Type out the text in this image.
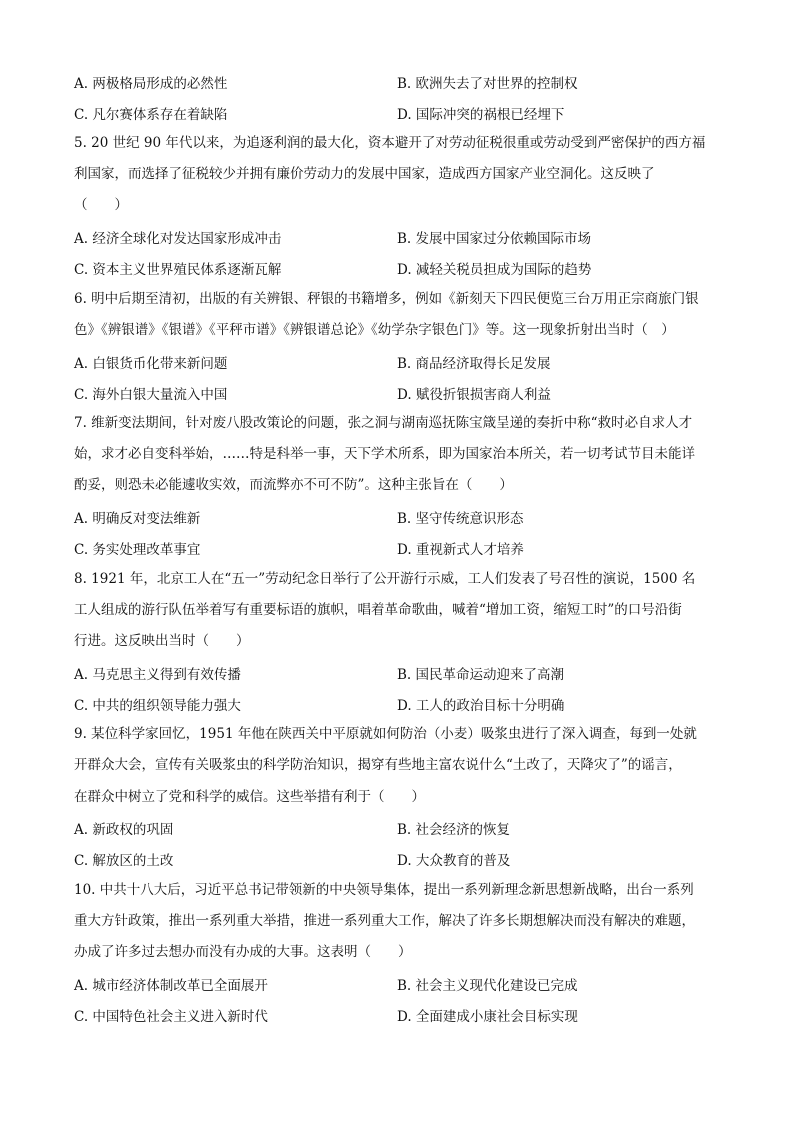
A. 两极格局形成的必然性	B. 欧洲失去了对世界的控制权
C. 凡尔赛体系存在着缺陷	D. 国际冲突的祸根已经埋下
5. 20 世纪 90 年代以来，为追逐利润的最大化，资本避开了对劳动征税很重或劳动受到严密保护的西方福
利国家，而选择了征税较少并拥有廉价劳动力的发展中国家，造成西方国家产业空洞化。这反映了
（　　）
A. 经济全球化对发达国家形成冲击	B. 发展中国家过分依赖国际市场
C. 资本主义世界殖民体系逐渐瓦解	D. 减轻关税员担成为国际的趋势
6. 明中后期至清初，出版的有关辨银、秤银的书籍增多，例如《新刻天下四民便览三台万用正宗商旅门银
色》《辨银谱》《银谱》《平秤市谱》《辨银谱总论》《幼学杂字银色门》等。这一现象折射出当时（　）
A. 白银货币化带来新问题	B. 商品经济取得长足发展
C. 海外白银大量流入中国	D. 赋役折银损害商人利益
7. 维新变法期间，针对废八股改策论的问题，张之洞与湖南巡抚陈宝箴呈递的奏折中称“救时必自求人才
始，求才必自变科举始，……特是科举一事，天下学术所系，即为国家治本所关，若一切考试节目未能详
酌妥，则恐未必能遽收实效，而流弊亦不可不防”。这种主张旨在（　　）
A. 明确反对变法维新	B. 坚守传统意识形态
C. 务实处理改革事宜	D. 重视新式人才培养
8. 1921 年，北京工人在“五一”劳动纪念日举行了公开游行示威，工人们发表了号召性的演说，1500 名
工人组成的游行队伍举着写有重要标语的旗帜，唱着革命歌曲，喊着“增加工资，缩短工时”的口号沿街
行进。这反映出当时（　　）
A. 马克思主义得到有效传播	B. 国民革命运动迎来了高潮
C. 中共的组织领导能力强大	D. 工人的政治目标十分明确
9. 某位科学家回忆，1951 年他在陕西关中平原就如何防治（小麦）吸浆虫进行了深入调查，每到一处就
开群众大会，宣传有关吸浆虫的科学防治知识，揭穿有些地主富农说什么“土改了，天降灾了”的谣言，
在群众中树立了党和科学的威信。这些举措有利于（　　）
A. 新政权的巩固	B. 社会经济的恢复
C. 解放区的土改	D. 大众教育的普及
10. 中共十八大后，习近平总书记带领新的中央领导集体，提出一系列新理念新思想新战略，出台一系列
重大方针政策，推出一系列重大举措，推进一系列重大工作，解决了许多长期想解决而没有解决的难题，
办成了许多过去想办而没有办成的大事。这表明（　　）
A. 城市经济体制改革已全面展开	B. 社会主义现代化建设已完成
C. 中国特色社会主义进入新时代	D. 全面建成小康社会目标实现
